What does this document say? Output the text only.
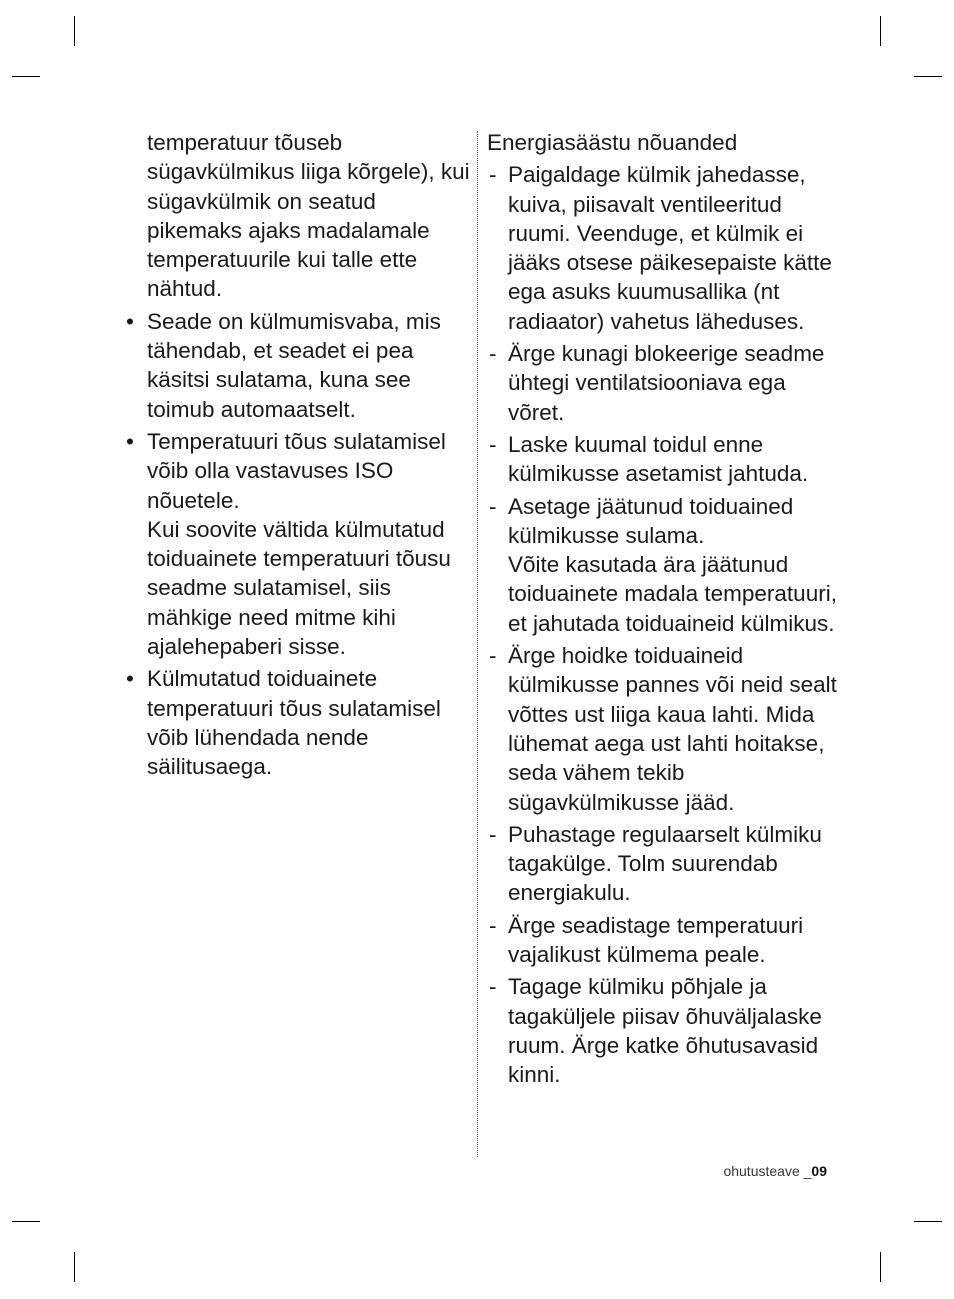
temperatuur tõuseb sügavkülmikus liiga kõrgele), kui sügavkülmik on seatud pikemaks ajaks madalamale temperatuurile kui talle ette nähtud.

• Seade on külmumisvaba, mis tähendab, et seadet ei pea käsitsi sulatama, kuna see toimub automaatselt.
• Temperatuuri tõus sulatamisel võib olla vastavuses ISO nõuetele.
Kui soovite vältida külmutatud toiduainete temperatuuri tõusu seadme sulatamisel, siis mähkige need mitme kihi ajalehepaberi sisse.
• Külmutatud toiduainete temperatuuri tõus sulatamisel võib lühendada nende säilitusaega.

Energiasäästu nõuanded

- Paigaldage külmik jahedasse, kuiva, piisavalt ventileeritud ruumi. Veenduge, et külmik ei jääks otsese päikesepaiste kätte ega asuks kuumusallika (nt radiaator) vahetus läheduses.
- Ärge kunagi blokeerige seadme ühtegi ventilatsiooniava ega võret.
- Laske kuumal toidul enne külmikusse asetamist jahtuda.
- Asetage jäätunud toiduained külmikusse sulama.
Võite kasutada ära jäätunud toiduainete madala temperatuuri, et jahutada toiduaineid külmikus.
- Ärge hoidke toiduaineid külmikusse pannes või neid sealt võttes ust liiga kaua lahti. Mida lühemat aega ust lahti hoitakse, seda vähem tekib sügavkülmikusse jääd.
- Puhastage regulaarselt külmiku tagakülge. Tolm suurendab energiakulu.
- Ärge seadistage temperatuuri vajalikust külmema peale.
- Tagage külmiku põhjale ja tagaküljele piisav õhuväljalaske ruum. Ärge katke õhutusavasid kinni.
ohutusteave _09
